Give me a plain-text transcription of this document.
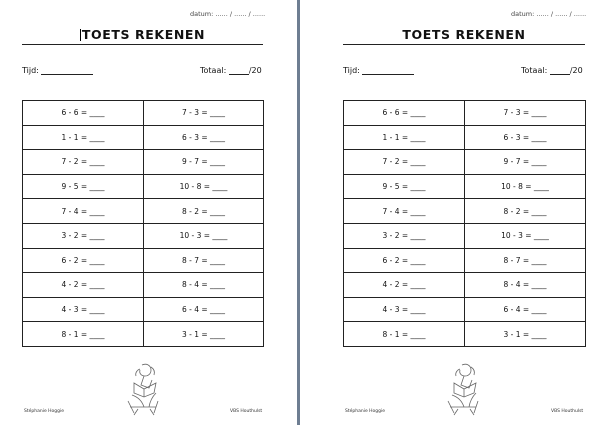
datum: ...... / ...... / ......
TOETS REKENEN
Tijd:	Totaal:	/20
6 - 6 = ____	7 - 3 = ____
1 - 1 = ____	6 - 3 = ____
7 - 2 = ____	9 - 7 = ____
9 - 5 = ____	10 - 8 = ____
7 - 4 = ____	8 - 2 = ____
3 - 2 = ____	10 - 3 = ____
6 - 2 = ____	8 - 7 = ____
4 - 2 = ____	8 - 4 = ____
4 - 3 = ____	6 - 4 = ____
8 - 1 = ____	3 - 1 = ____
Stéphanie Hoggie	VBS Houthulst
datum: ...... / ...... / ......
TOETS REKENEN
Tijd:	Totaal:	/20
6 - 6 = ____	7 - 3 = ____
1 - 1 = ____	6 - 3 = ____
7 - 2 = ____	9 - 7 = ____
9 - 5 = ____	10 - 8 = ____
7 - 4 = ____	8 - 2 = ____
3 - 2 = ____	10 - 3 = ____
6 - 2 = ____	8 - 7 = ____
4 - 2 = ____	8 - 4 = ____
4 - 3 = ____	6 - 4 = ____
8 - 1 = ____	3 - 1 = ____
Stéphanie Hoggie	VBS Houthulst
